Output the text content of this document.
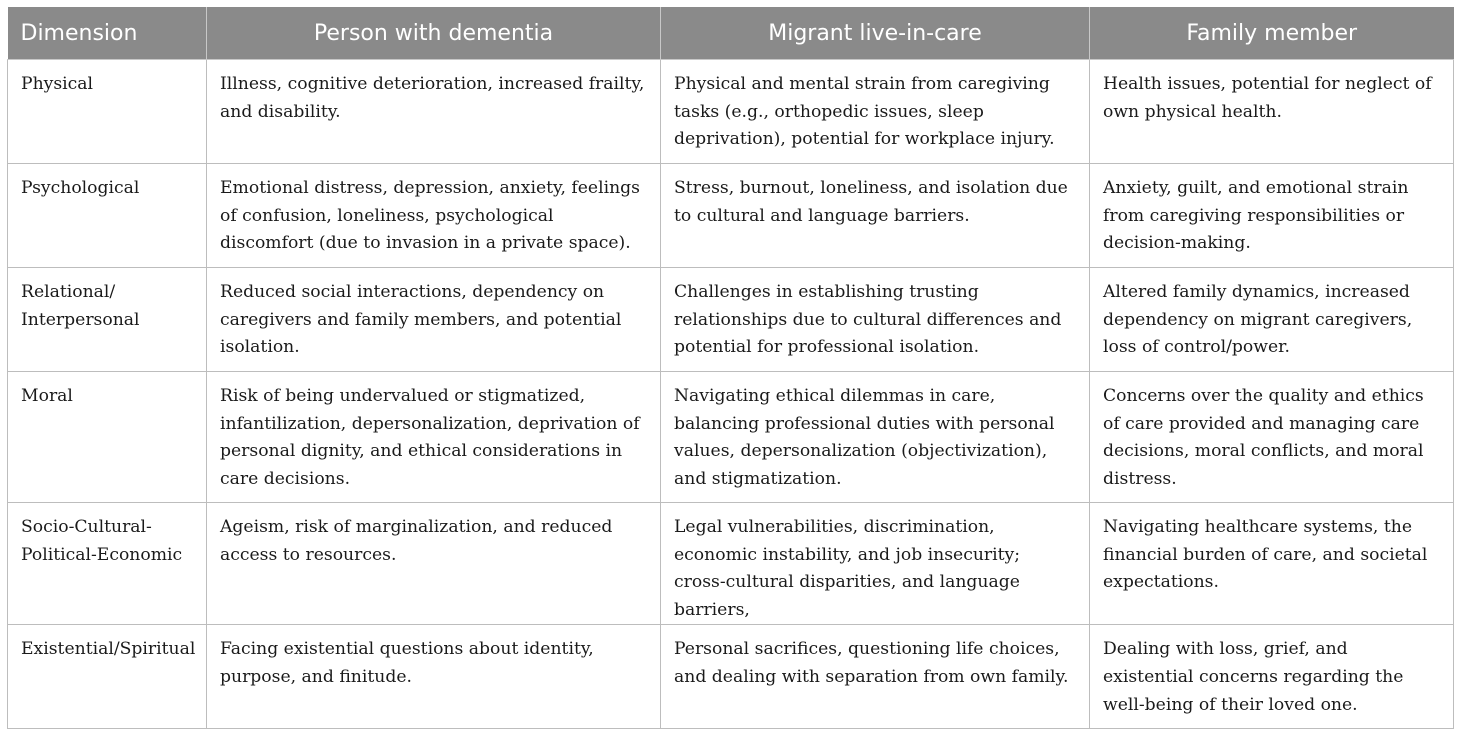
Dimension	Person with dementia	Migrant live-in-care	Family member

Physical	Illness, cognitive deterioration, increased frailty, and disability.	Physical and mental strain from caregiving tasks (e.g., orthopedic issues, sleep deprivation), potential for workplace injury.	Health issues, potential for neglect of own physical health.

Psychological	Emotional distress, depression, anxiety, feelings of confusion, loneliness, psychological discomfort (due to invasion in a private space).	Stress, burnout, loneliness, and isolation due to cultural and language barriers.	Anxiety, guilt, and emotional strain from caregiving responsibilities or decision-making.

Relational/ Interpersonal	Reduced social interactions, dependency on caregivers and family members, and potential isolation.	Challenges in establishing trusting relationships due to cultural differences and potential for professional isolation.	Altered family dynamics, increased dependency on migrant caregivers, loss of control/power.

Moral	Risk of being undervalued or stigmatized, infantilization, depersonalization, deprivation of personal dignity, and ethical considerations in care decisions.	Navigating ethical dilemmas in care, balancing professional duties with personal values, depersonalization (objectivization), and stigmatization.	Concerns over the quality and ethics of care provided and managing care decisions, moral conflicts, and moral distress.

Socio-Cultural-Political-Economic	Ageism, risk of marginalization, and reduced access to resources.	Legal vulnerabilities, discrimination, economic instability, and job insecurity; cross-cultural disparities, and language barriers,	Navigating healthcare systems, the financial burden of care, and societal expectations.

Existential/Spiritual	Facing existential questions about identity, purpose, and finitude.	Personal sacrifices, questioning life choices, and dealing with separation from own family.	Dealing with loss, grief, and existential concerns regarding the well-being of their loved one.
